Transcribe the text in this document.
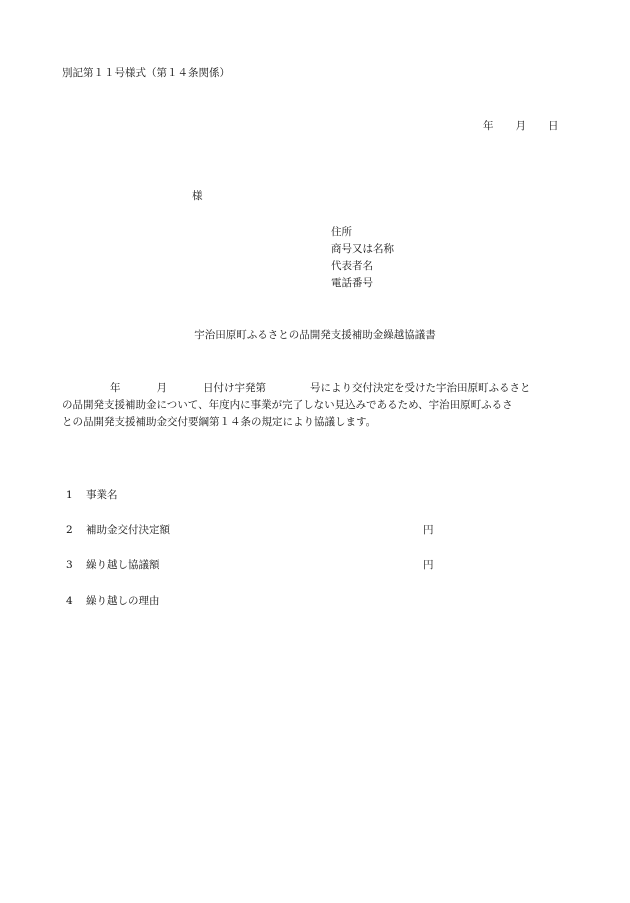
別記第１１号様式（第１４条関係）
年 月 日
様
住所
商号又は名称
代表者名
電話番号
宇治田原町ふるさとの品開発支援補助金繰越協議書
年	月	日付け宇発第	号により交付決定を受けた宇治田原町ふるさと
の品開発支援補助金について、年度内に事業が完了しない見込みであるため、宇治田原町ふるさ
との品開発支援補助金交付要綱第１４条の規定により協議します。
1 事業名
2 補助金交付決定額	円
3 繰り越し協議額	円
4 繰り越しの理由
